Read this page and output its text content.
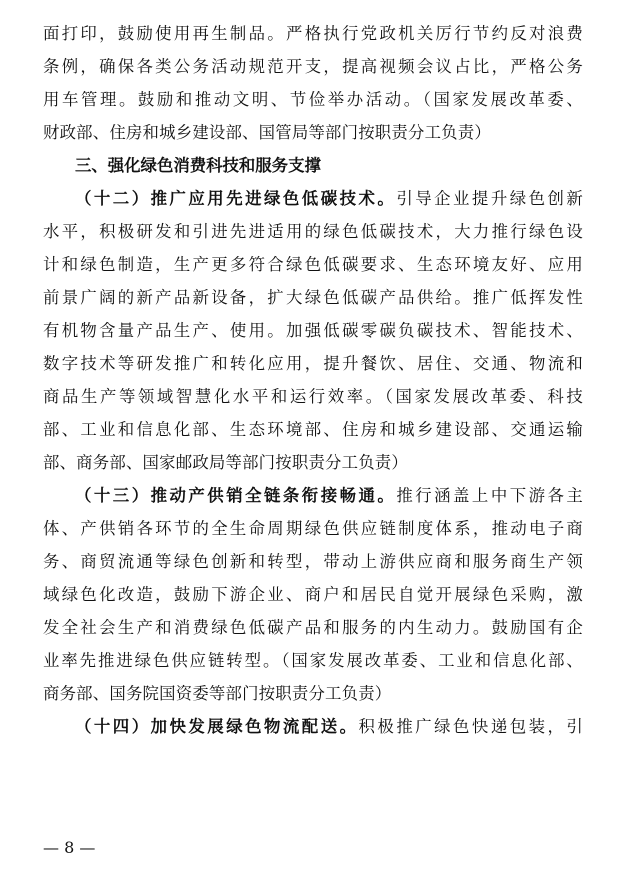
面打印，鼓励使用再生制品。严格执行党政机关厉行节约反对浪费
条例，确保各类公务活动规范开支，提高视频会议占比，严格公务
用车管理。鼓励和推动文明、节俭举办活动。（国家发展改革委、
财政部、住房和城乡建设部、国管局等部门按职责分工负责）
三、强化绿色消费科技和服务支撑
（十二）推广应用先进绿色低碳技术。引导企业提升绿色创新
水平，积极研发和引进先进适用的绿色低碳技术，大力推行绿色设
计和绿色制造，生产更多符合绿色低碳要求、生态环境友好、应用
前景广阔的新产品新设备，扩大绿色低碳产品供给。推广低挥发性
有机物含量产品生产、使用。加强低碳零碳负碳技术、智能技术、
数字技术等研发推广和转化应用，提升餐饮、居住、交通、物流和
商品生产等领域智慧化水平和运行效率。（国家发展改革委、科技
部、工业和信息化部、生态环境部、住房和城乡建设部、交通运输
部、商务部、国家邮政局等部门按职责分工负责）
（十三）推动产供销全链条衔接畅通。推行涵盖上中下游各主
体、产供销各环节的全生命周期绿色供应链制度体系，推动电子商
务、商贸流通等绿色创新和转型，带动上游供应商和服务商生产领
域绿色化改造，鼓励下游企业、商户和居民自觉开展绿色采购，激
发全社会生产和消费绿色低碳产品和服务的内生动力。鼓励国有企
业率先推进绿色供应链转型。（国家发展改革委、工业和信息化部、
商务部、国务院国资委等部门按职责分工负责）
（十四）加快发展绿色物流配送。积极推广绿色快递包装，引
— 8 —
